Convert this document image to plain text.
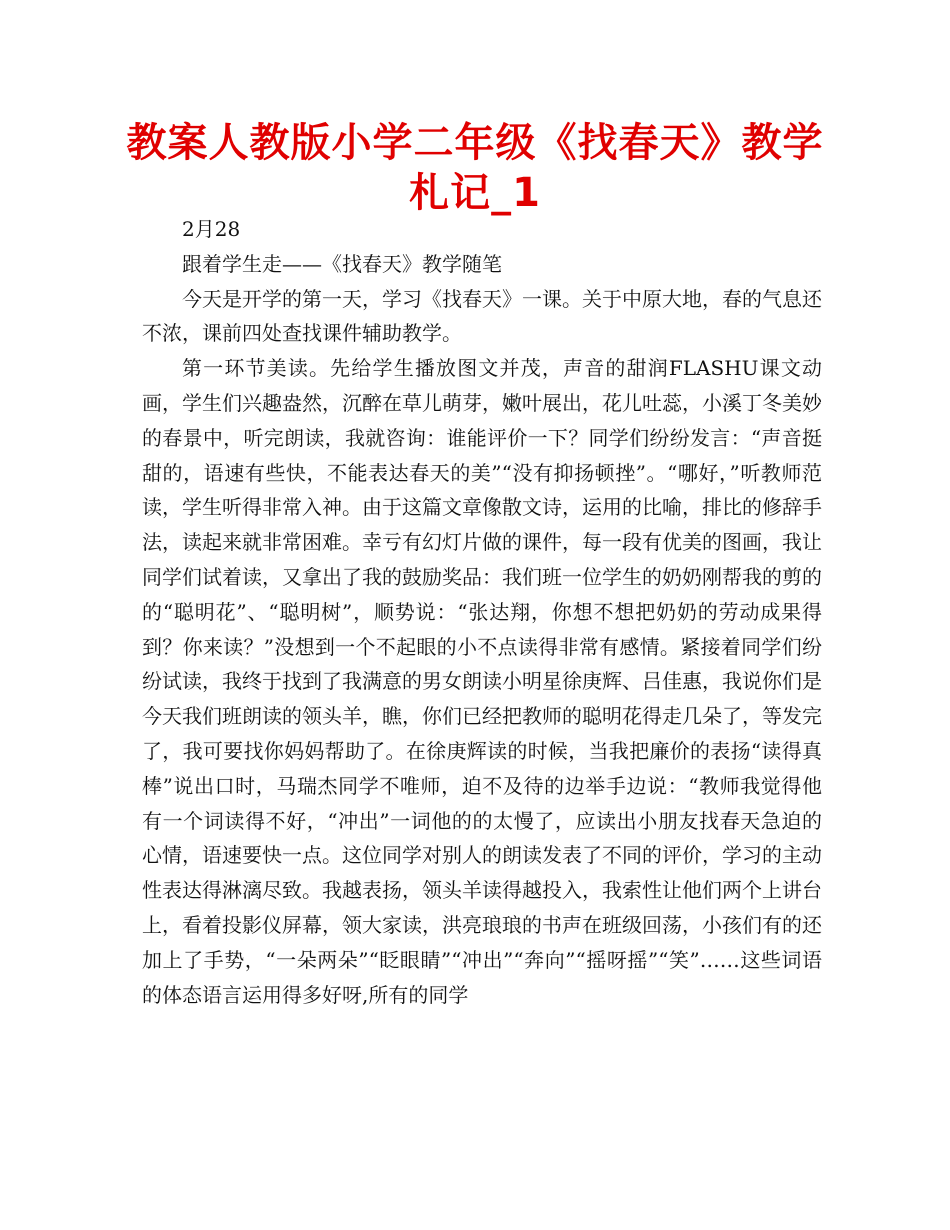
教案人教版小学二年级《找春天》教学札记_1

2月28

跟着学生走——《找春天》教学随笔

今天是开学的第一天，学习《找春天》一课。关于中原大地，春的气息还不浓，课前四处查找课件辅助教学。

第一环节美读。先给学生播放图文并茂，声音的甜润FLASHU课文动画，学生们兴趣盎然，沉醉在草儿萌芽，嫩叶展出，花儿吐蕊，小溪丁冬美妙的春景中，听完朗读，我就咨询：谁能评价一下？同学们纷纷发言：“声音挺甜的，语速有些快，不能表达春天的美”“没有抑扬顿挫”。“哪好，”听教师范读，学生听得非常入神。由于这篇文章像散文诗，运用的比喻，排比的修辞手法，读起来就非常困难。幸亏有幻灯片做的课件，每一段有优美的图画，我让同学们试着读，又拿出了我的鼓励奖品：我们班一位学生的奶奶刚帮我的剪的的“聪明花”、“聪明树”，顺势说：“张达翔，你想不想把奶奶的劳动成果得到？你来读？”没想到一个不起眼的小不点读得非常有感情。紧接着同学们纷纷试读，我终于找到了我满意的男女朗读小明星徐庚辉、吕佳惠，我说你们是今天我们班朗读的领头羊，瞧，你们已经把教师的聪明花得走几朵了，等发完了，我可要找你妈妈帮助了。在徐庚辉读的时候，当我把廉价的表扬“读得真棒”说出口时，马瑞杰同学不唯师，迫不及待的边举手边说：“教师我觉得他有一个词读得不好，“冲出”一词他的的太慢了，应读出小朋友找春天急迫的心情，语速要快一点。这位同学对别人的朗读发表了不同的评价，学习的主动性表达得淋漓尽致。我越表扬，领头羊读得越投入，我索性让他们两个上讲台上，看着投影仪屏幕，领大家读，洪亮琅琅的书声在班级回荡，小孩们有的还加上了手势，“一朵两朵”“眨眼睛”“冲出”“奔向”“摇呀摇”“笑”……这些词语的体态语言运用得多好呀,所有的同学
